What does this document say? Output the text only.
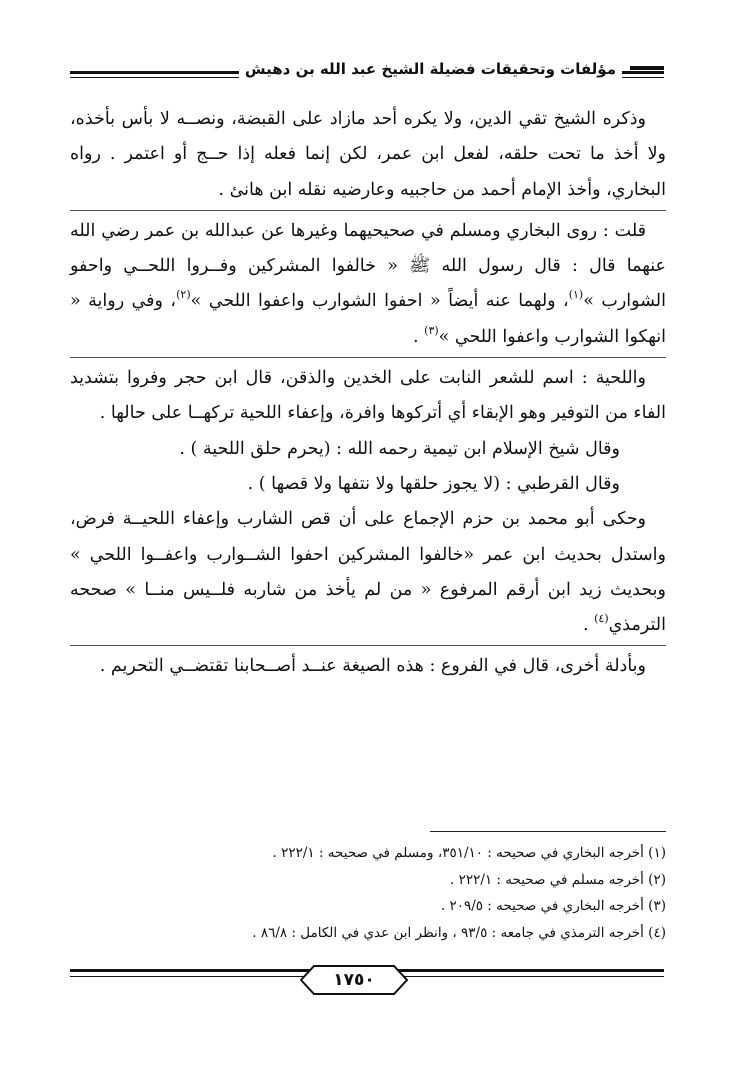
مؤلفات وتحقيقات فضيلة الشيخ عبد الله بن دهيش

وذكره الشيخ تقي الدين، ولا يكره أحد مازاد على القبضة، ونصــه لا بأس بأخذه، ولا أخذ ما تحت حلقه، لفعل ابن عمر، لكن إنما فعله إذا حــج أو اعتمر . رواه البخاري، وأخذ الإمام أحمد من حاجبيه وعارضيه نقله ابن هانئ .

قلت : روى البخاري ومسلم في صحيحيهما وغيرها عن عبدالله بن عمر رضي الله عنهما قال : قال رسول الله ﷺ « خالفوا المشركين وفــروا اللحــي واحفو الشوارب »$^{(١)}$، ولهما عنه أيضاً « احفوا الشوارب واعفوا اللحي »$^{(٢)}$، وفي رواية « انهكوا الشوارب واعفوا اللحي »$^{(٣)}$ .

واللحية : اسم للشعر النابت على الخدين والذقن، قال ابن حجر وفروا بتشديد الفاء من التوفير وهو الإبقاء أي أتركوها وافرة، وإعفاء اللحية تركهــا على حالها .

وقال شيخ الإسلام ابن تيمية رحمه الله : (يحرم حلق اللحية ) .

وقال القرطبي : (لا يجوز حلقها ولا نتفها ولا قصها ) .

وحكى أبو محمد بن حزم الإجماع على أن قص الشارب وإعفاء اللحيــة فرض، واستدل بحديث ابن عمر «خالفوا المشركين احفوا الشــوارب واعفــوا اللحي » وبحديث زيد ابن أرقم المرفوع « من لم يأخذ من شاربه فلــيس منــا » صححه الترمذي$^{(٤)}$ .

وبأدلة أخرى، قال في الفروع : هذه الصيغة عنــد أصــحابنا تقتضــي التحريم .

(١) أخرجه البخاري في صحيحه : ٣٥١/١٠، ومسلم في صحيحه : ٢٢٢/١ .

(٢) أخرجه مسلم في صحيحه : ٢٢٢/١ .

(٣) أخرجه البخاري في صحيحه : ٢٠٩/٥ .

(٤) أخرجه الترمذي في جامعه : ٩٣/٥ ، وانظر ابن عدي في الكامل : ٨٦/٨ .

١٧٥٠
